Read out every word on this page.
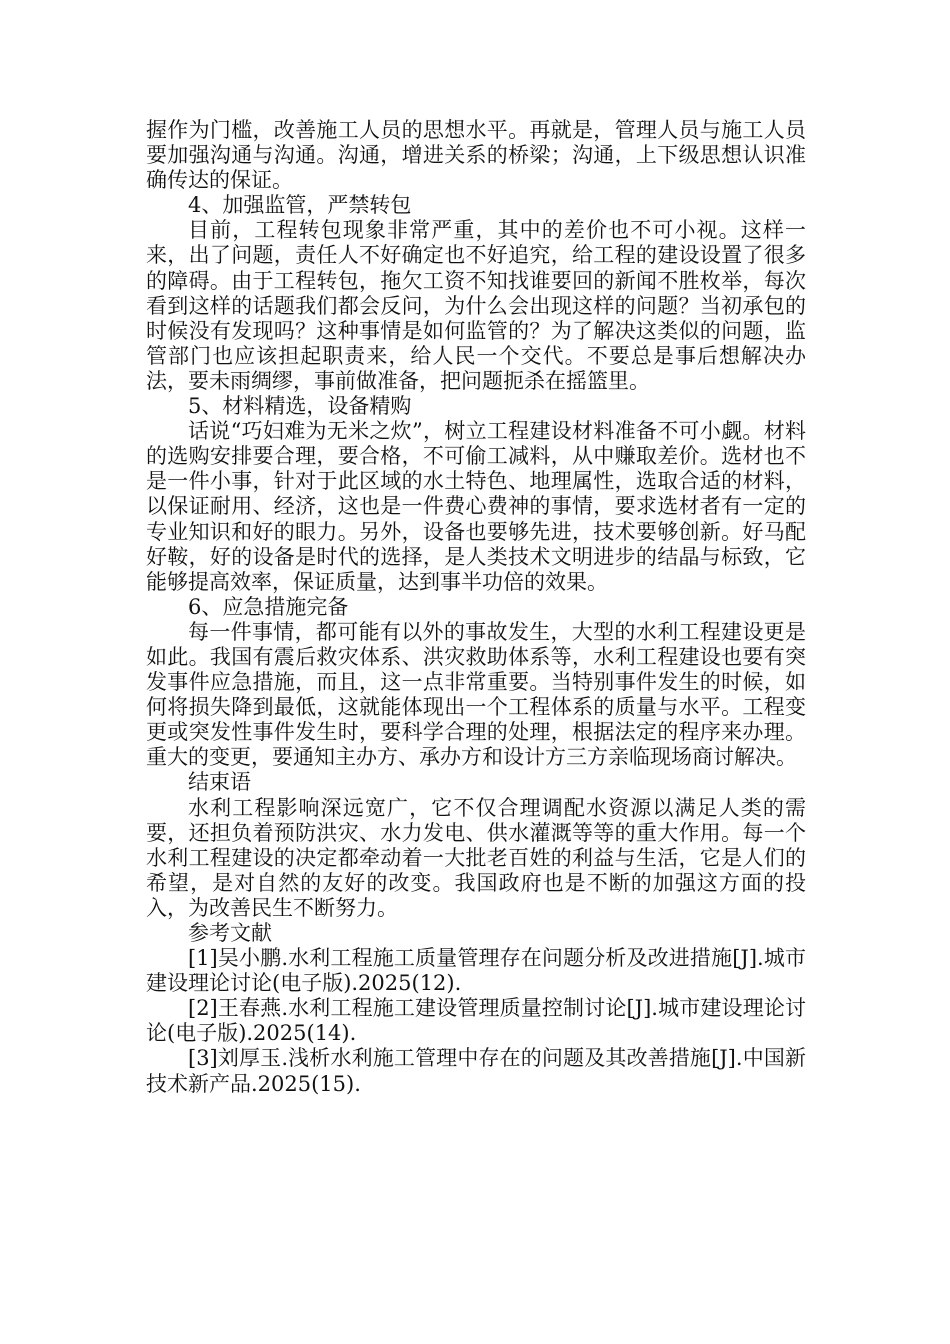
握作为门槛，改善施工人员的思想水平。再就是，管理人员与施工人员要加强沟通与沟通。沟通，增进关系的桥梁；沟通，上下级思想认识准确传达的保证。

4、加强监管，严禁转包

目前，工程转包现象非常严重，其中的差价也不可小视。这样一来，出了问题，责任人不好确定也不好追究，给工程的建设设置了很多的障碍。由于工程转包，拖欠工资不知找谁要回的新闻不胜枚举，每次看到这样的话题我们都会反问，为什么会出现这样的问题？当初承包的时候没有发现吗？这种事情是如何监管的？为了解决这类似的问题，监管部门也应该担起职责来，给人民一个交代。不要总是事后想解决办法，要未雨绸缪，事前做准备，把问题扼杀在摇篮里。

5、材料精选，设备精购

话说“巧妇难为无米之炊”，树立工程建设材料准备不可小觑。材料的选购安排要合理，要合格，不可偷工减料，从中赚取差价。选材也不是一件小事，针对于此区域的水土特色、地理属性，选取合适的材料，以保证耐用、经济，这也是一件费心费神的事情，要求选材者有一定的专业知识和好的眼力。另外，设备也要够先进，技术要够创新。好马配好鞍，好的设备是时代的选择，是人类技术文明进步的结晶与标致，它能够提高效率，保证质量，达到事半功倍的效果。

6、应急措施完备

每一件事情，都可能有以外的事故发生，大型的水利工程建设更是如此。我国有震后救灾体系、洪灾救助体系等，水利工程建设也要有突发事件应急措施，而且，这一点非常重要。当特别事件发生的时候，如何将损失降到最低，这就能体现出一个工程体系的质量与水平。工程变更或突发性事件发生时，要科学合理的处理，根据法定的程序来办理。重大的变更，要通知主办方、承办方和设计方三方亲临现场商讨解决。

结束语

水利工程影响深远宽广，它不仅合理调配水资源以满足人类的需要，还担负着预防洪灾、水力发电、供水灌溉等等的重大作用。每一个水利工程建设的决定都牵动着一大批老百姓的利益与生活，它是人们的希望，是对自然的友好的改变。我国政府也是不断的加强这方面的投入，为改善民生不断努力。

参考文献

[1]吴小鹏.水利工程施工质量管理存在问题分析及改进措施[J].城市建设理论讨论(电子版).2025(12).

[2]王春燕.水利工程施工建设管理质量控制讨论[J].城市建设理论讨论(电子版).2025(14).

[3]刘厚玉.浅析水利施工管理中存在的问题及其改善措施[J].中国新技术新产品.2025(15).
